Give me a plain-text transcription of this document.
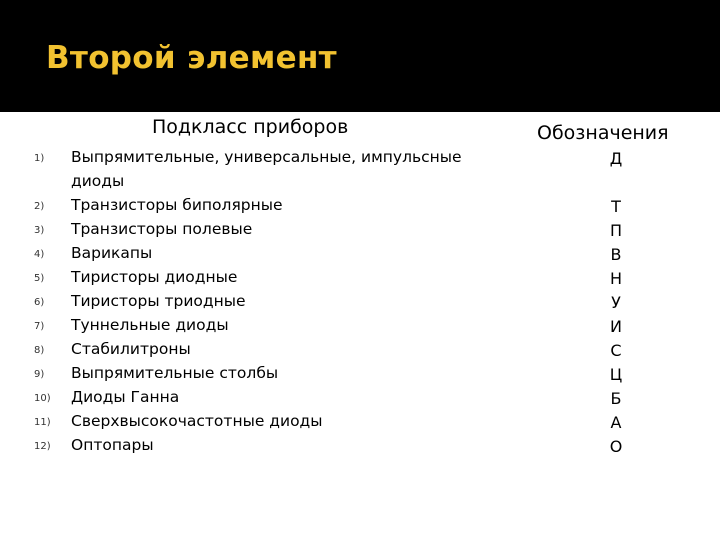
Второй элемент
Подкласс приборов	Обозначения
1) Выпрямительные, универсальные, импульсные диоды
2) Транзисторы биполярные
3) Транзисторы полевые
4) Варикапы
5) Тиристоры диодные
6) Тиристоры триодные
7) Туннельные диоды
8) Стабилитроны
9) Выпрямительные столбы
10) Диоды Ганна
11) Сверхвысокочастотные диоды
12) Оптопары
Д
Т
П
В
Н
У
И
С
Ц
Б
А
О
